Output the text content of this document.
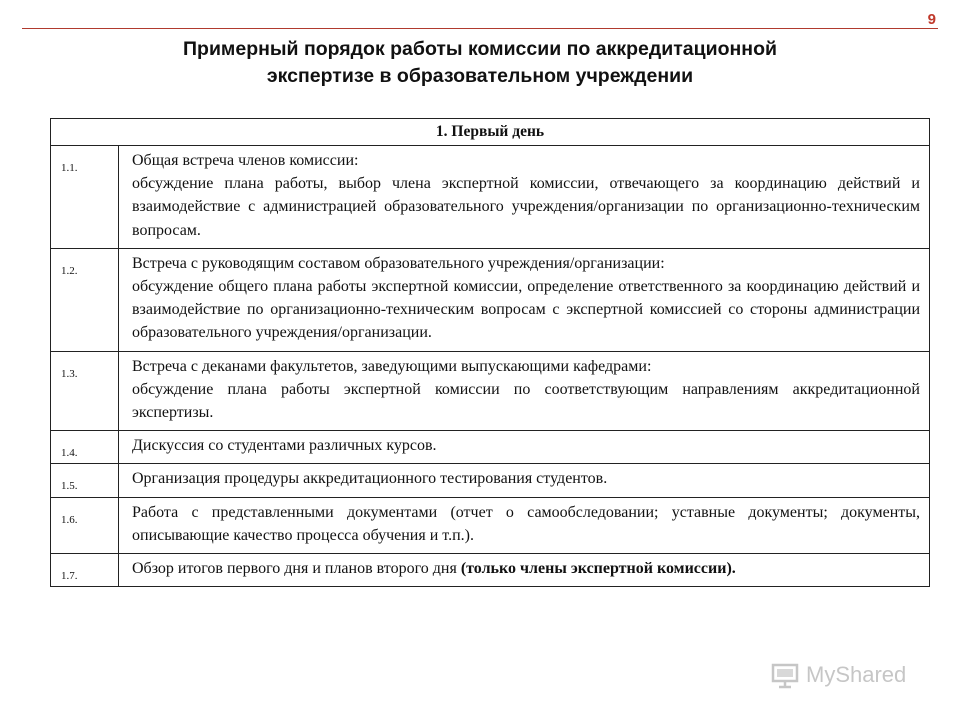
9
Примерный порядок работы комиссии по аккредитационной
экспертизе в образовательном учреждении
1. Первый день	
1.1.	Общая встреча членов комиссии:
обсуждение плана работы, выбор члена экспертной комиссии, отвечающего за координацию действий и взаимодействие с администрацией образовательного учреждения/организации по организационно-техническим вопросам.

1.2.	Встреча с руководящим составом образовательного учреждения/организации:
обсуждение общего плана работы экспертной комиссии, определение ответственного за координацию действий и взаимодействие по организационно-техническим вопросам с экспертной комиссией со стороны администрации образовательного учреждения/организации.

1.3.	Встреча с деканами факультетов, заведующими выпускающими кафедрами:
обсуждение плана работы экспертной комиссии по соответствующим направлениям аккредитационной экспертизы.

1.4.	Дискуссия со студентами различных курсов.

1.5.	Организация процедуры аккредитационного тестирования студентов.

1.6.	Работа с представленными документами (отчет о самообследовании; уставные документы; документы, описывающие качество процесса обучения и т.п.).

1.7.	Обзор итогов первого дня и планов второго дня (только члены экспертной комиссии).
MyShared
